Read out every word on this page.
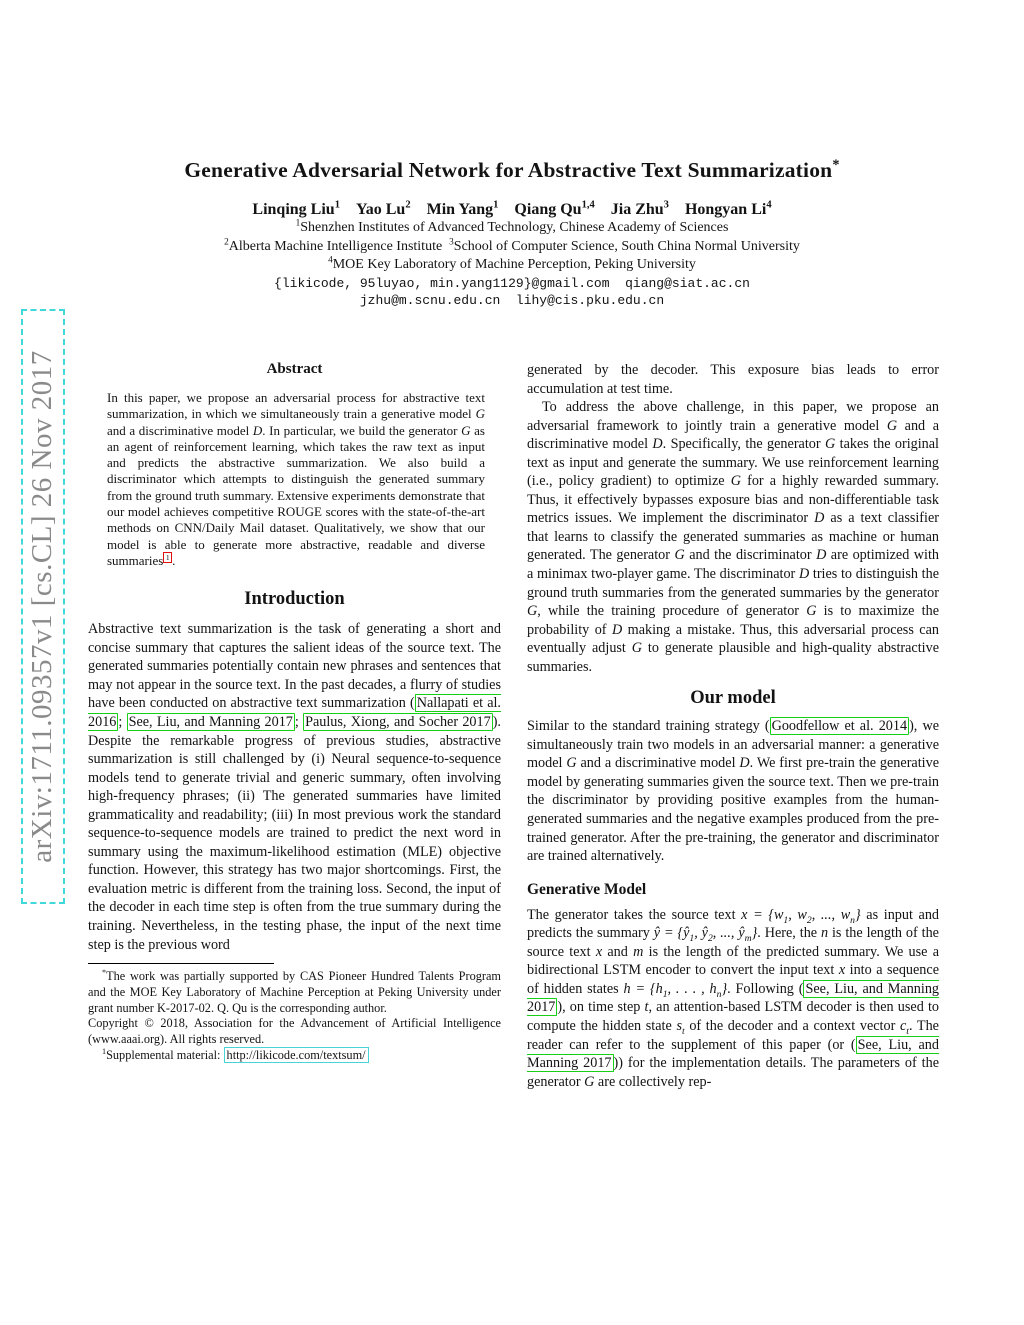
arXiv:1711.09357v1 [cs.CL] 26 Nov 2017
Generative Adversarial Network for Abstractive Text Summarization*
Linqing Liu$^1$ Yao Lu$^2$ Min Yang$^1$ Qiang Qu$^{1,4}$ Jia Zhu$^3$ Hongyan Li$^4$
$^1$Shenzhen Institutes of Advanced Technology, Chinese Academy of Sciences
$^2$Alberta Machine Intelligence Institute $^3$School of Computer Science, South China Normal University
$^4$MOE Key Laboratory of Machine Perception, Peking University
{likicode, 95luyao, min.yang1129}@gmail.com  qiang@siat.ac.cn
jzhu@m.scnu.edu.cn  lihy@cis.pku.edu.cn
Abstract

In this paper, we propose an adversarial process for abstractive text summarization, in which we simultaneously train a generative model G and a discriminative model D. In particular, we build the generator G as an agent of reinforcement learning, which takes the raw text as input and predicts the abstractive summarization. We also build a discriminator which attempts to distinguish the generated summary from the ground truth summary. Extensive experiments demonstrate that our model achieves competitive ROUGE scores with the state-of-the-art methods on CNN/Daily Mail dataset. Qualitatively, we show that our model is able to generate more abstractive, readable and diverse summaries $^1$ .

Introduction

Abstractive text summarization is the task of generating a short and concise summary that captures the salient ideas of the source text. The generated summaries potentially contain new phrases and sentences that may not appear in the source text. In the past decades, a flurry of studies have been conducted on abstractive text summarization ( Nallapati et al. 2016 ; See, Liu, and Manning 2017 ; Paulus, Xiong, and Socher 2017 ). Despite the remarkable progress of previous studies, abstractive summarization is still challenged by (i) Neural sequence-to-sequence models tend to generate trivial and generic summary, often involving high-frequency phrases; (ii) The generated summaries have limited grammaticality and readability; (iii) In most previous work the standard sequence-to-sequence models are trained to predict the next word in summary using the maximum-likelihood estimation (MLE) objective function. However, this strategy has two major shortcomings. First, the evaluation metric is different from the training loss. Second, the input of the decoder in each time step is often from the true summary during the training. Nevertheless, in the testing phase, the input of the next time step is the previous word

*The work was partially supported by CAS Pioneer Hundred Talents Program and the MOE Key Laboratory of Machine Perception at Peking University under grant number K-2017-02. Q. Qu is the corresponding author.

Copyright © 2018, Association for the Advancement of Artificial Intelligence (www.aaai.org). All rights reserved.

$^1$Supplemental material: http://likicode.com/textsum/

generated by the decoder. This exposure bias leads to error accumulation at test time.

To address the above challenge, in this paper, we propose an adversarial framework to jointly train a generative model G and a discriminative model D. Specifically, the generator G takes the original text as input and generate the summary. We use reinforcement learning (i.e., policy gradient) to optimize G for a highly rewarded summary. Thus, it effectively bypasses exposure bias and non-differentiable task metrics issues. We implement the discriminator D as a text classifier that learns to classify the generated summaries as machine or human generated. The generator G and the discriminator D are optimized with a minimax two-player game. The discriminator D tries to distinguish the ground truth summaries from the generated summaries by the generator G, while the training procedure of generator G is to maximize the probability of D making a mistake. Thus, this adversarial process can eventually adjust G to generate plausible and high-quality abstractive summaries.

Our model

Similar to the standard training strategy ( Goodfellow et al. 2014 ), we simultaneously train two models in an adversarial manner: a generative model G and a discriminative model D. We first pre-train the generative model by generating summaries given the source text. Then we pre-train the discriminator by providing positive examples from the human-generated summaries and the negative examples produced from the pre-trained generator. After the pre-training, the generator and discriminator are trained alternatively.

Generative Model

The generator takes the source text $x = \{w_1$, $w_2$, ..., $w_n$} as input and predicts the summary ŷ = {$ŷ_1$, $ŷ_2$, ..., $ŷ_m$}. Here, the n is the length of the source text x and m is the length of the predicted summary. We use a bidirectional LSTM encoder to convert the input text x into a sequence of hidden states $h = \{h_1$, . . . , $h_n$}. Following ( See, Liu, and Manning 2017 ), on time step t, an attention-based LSTM decoder is then used to compute the hidden state $s_t$ of the decoder and a context vector $c_t$. The reader can refer to the supplement of this paper (or ( See, Liu, and Manning 2017 )) for the implementation details. The parameters of the generator G are collectively rep-
